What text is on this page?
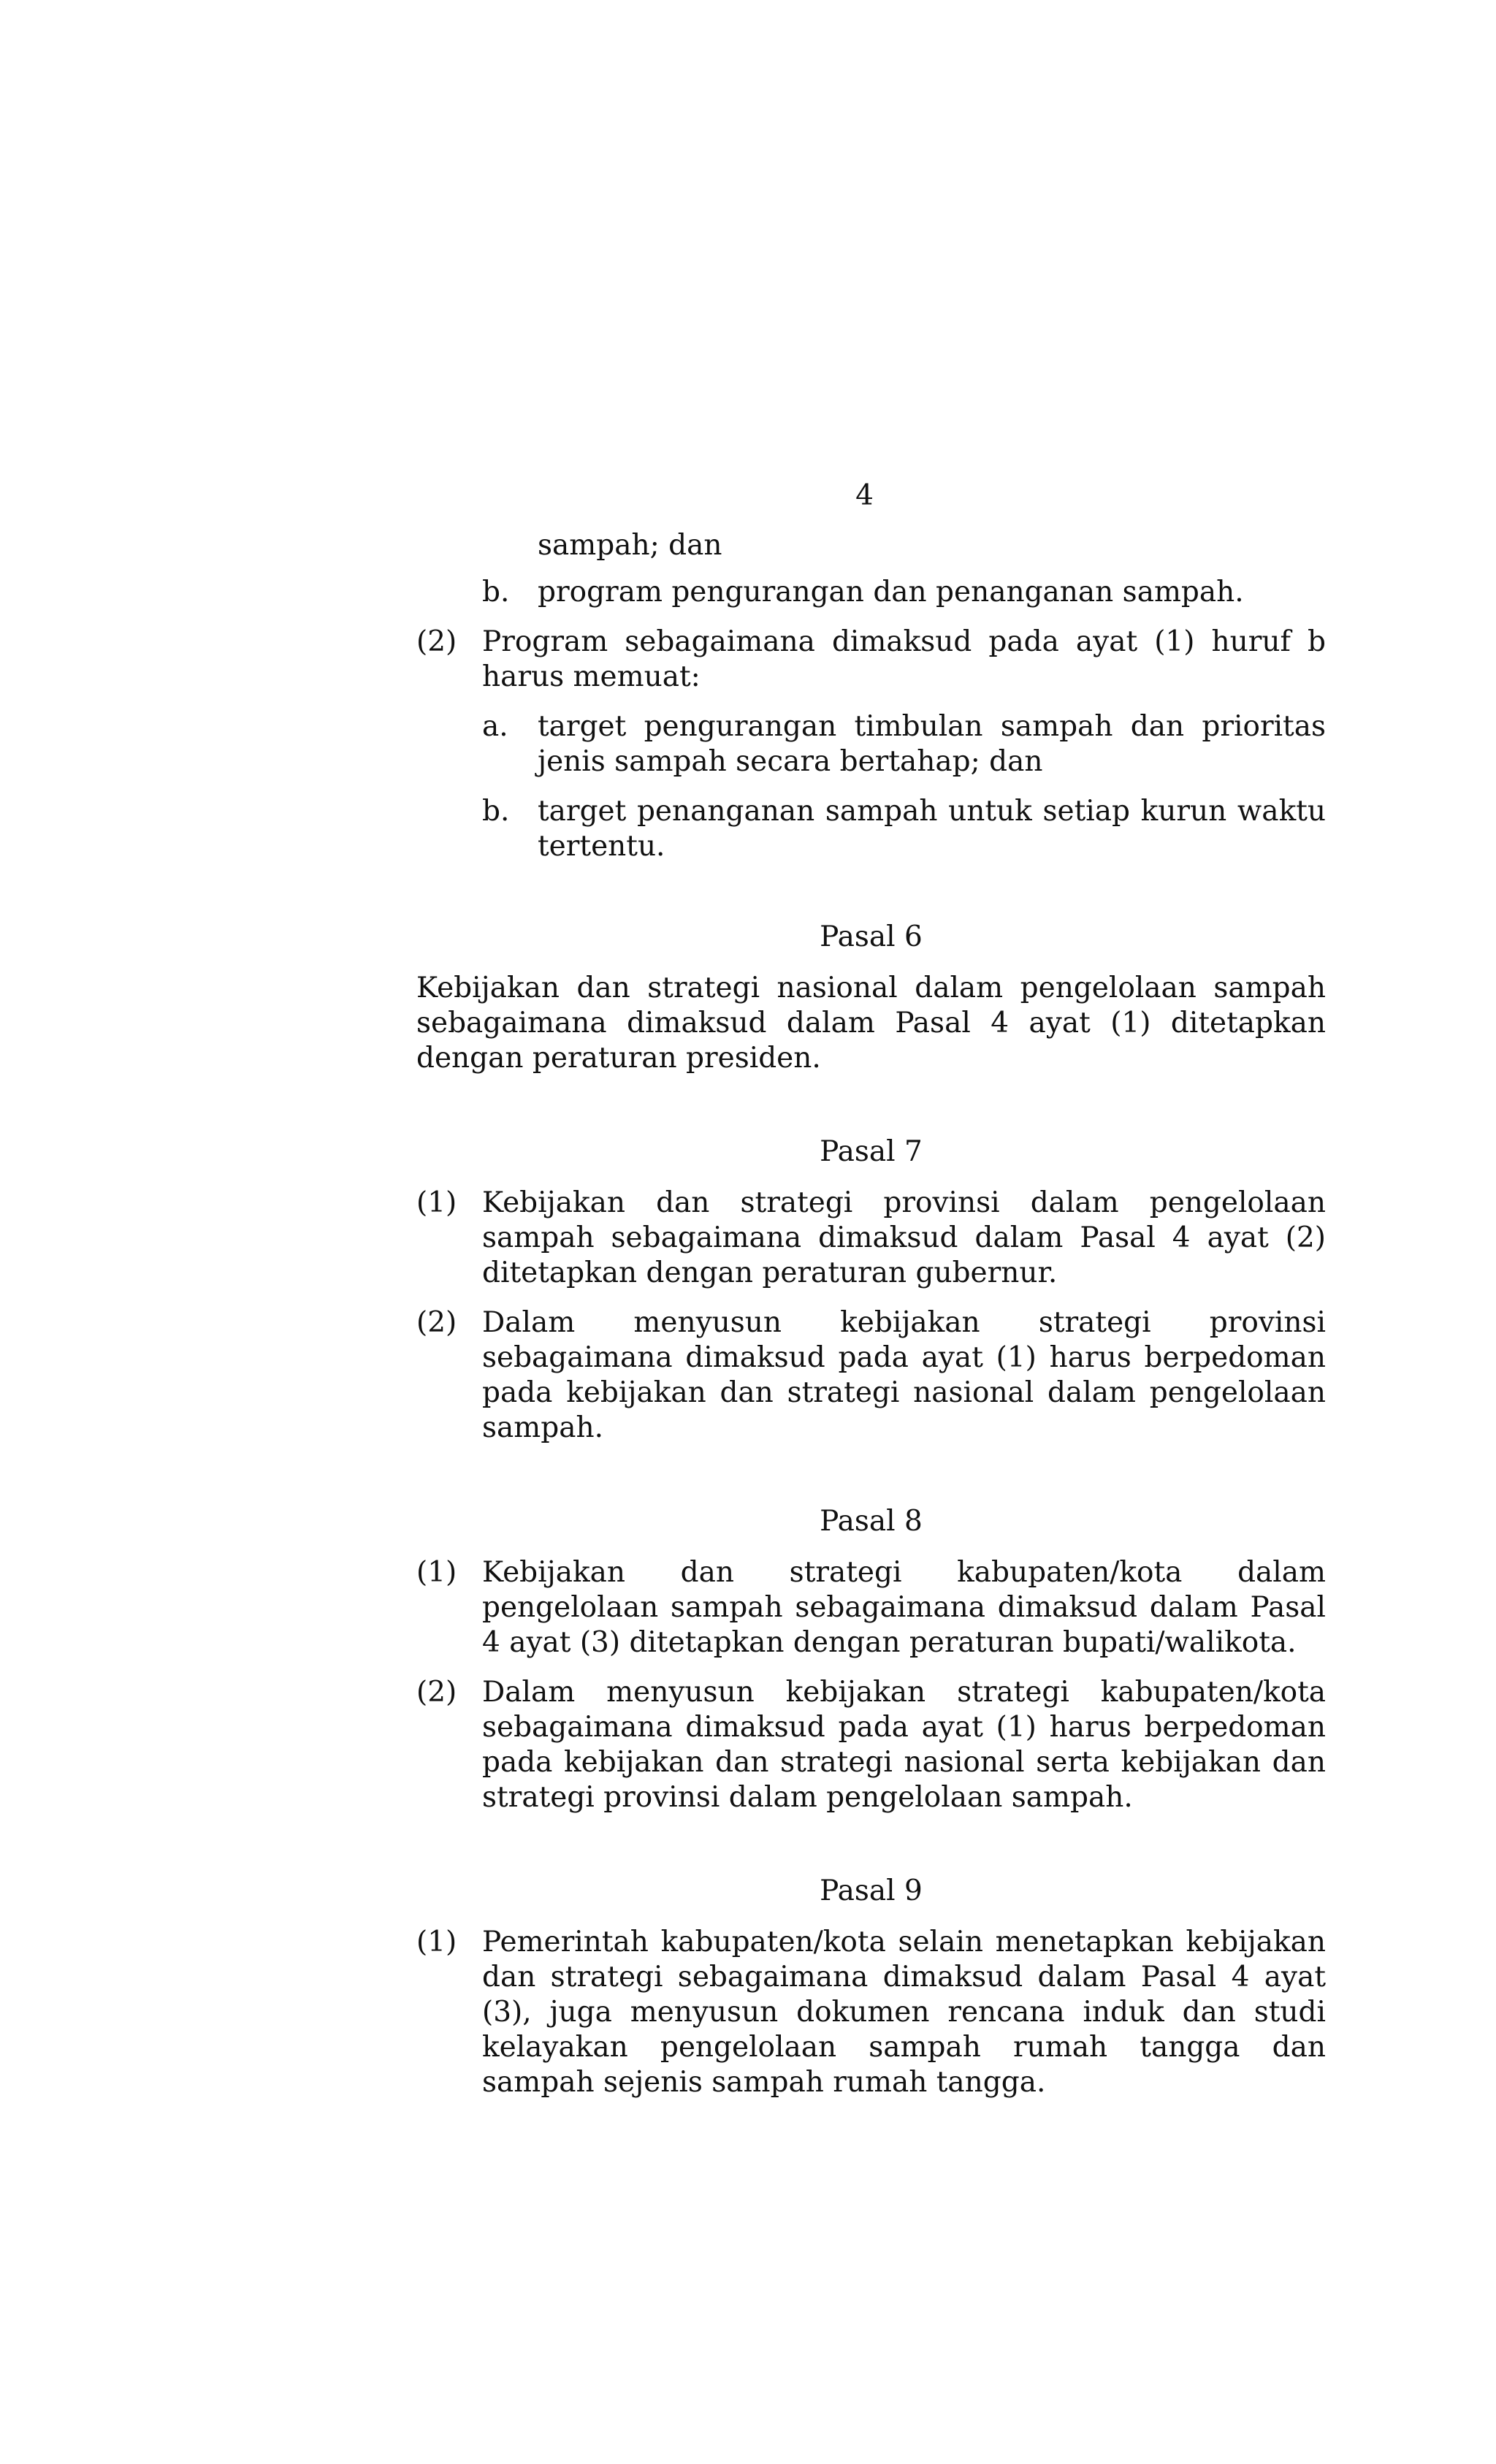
4
sampah; dan
b. program pengurangan dan penanganan sampah.
(2) Program sebagaimana dimaksud pada ayat (1) huruf b harus memuat:
a.	target pengurangan timbulan sampah dan prioritas jenis sampah secara bertahap; dan
b. target penanganan sampah untuk setiap kurun waktu tertentu.
Pasal 6
Kebijakan dan strategi nasional dalam pengelolaan sampah sebagaimana dimaksud dalam Pasal 4 ayat (1) ditetapkan dengan peraturan presiden.
Pasal 7
(1) Kebijakan dan strategi provinsi dalam pengelolaan sampah sebagaimana dimaksud dalam Pasal 4 ayat (2) ditetapkan dengan peraturan gubernur.
(2) Dalam menyusun kebijakan strategi provinsi sebagaimana dimaksud pada ayat (1) harus berpedoman pada kebijakan dan strategi nasional dalam pengelolaan sampah.
Pasal 8
(1) Kebijakan dan strategi kabupaten/kota dalam pengelolaan sampah sebagaimana dimaksud dalam Pasal 4 ayat (3) ditetapkan dengan peraturan bupati/walikota.
(2) Dalam menyusun kebijakan strategi kabupaten/kota sebagaimana dimaksud pada ayat (1) harus berpedoman pada kebijakan dan strategi nasional serta kebijakan dan strategi provinsi dalam pengelolaan sampah.
Pasal 9
(1) Pemerintah kabupaten/kota selain menetapkan kebijakan dan strategi sebagaimana dimaksud dalam Pasal 4 ayat (3), juga menyusun dokumen rencana induk dan studi kelayakan pengelolaan sampah rumah tangga dan sampah sejenis sampah rumah tangga.
